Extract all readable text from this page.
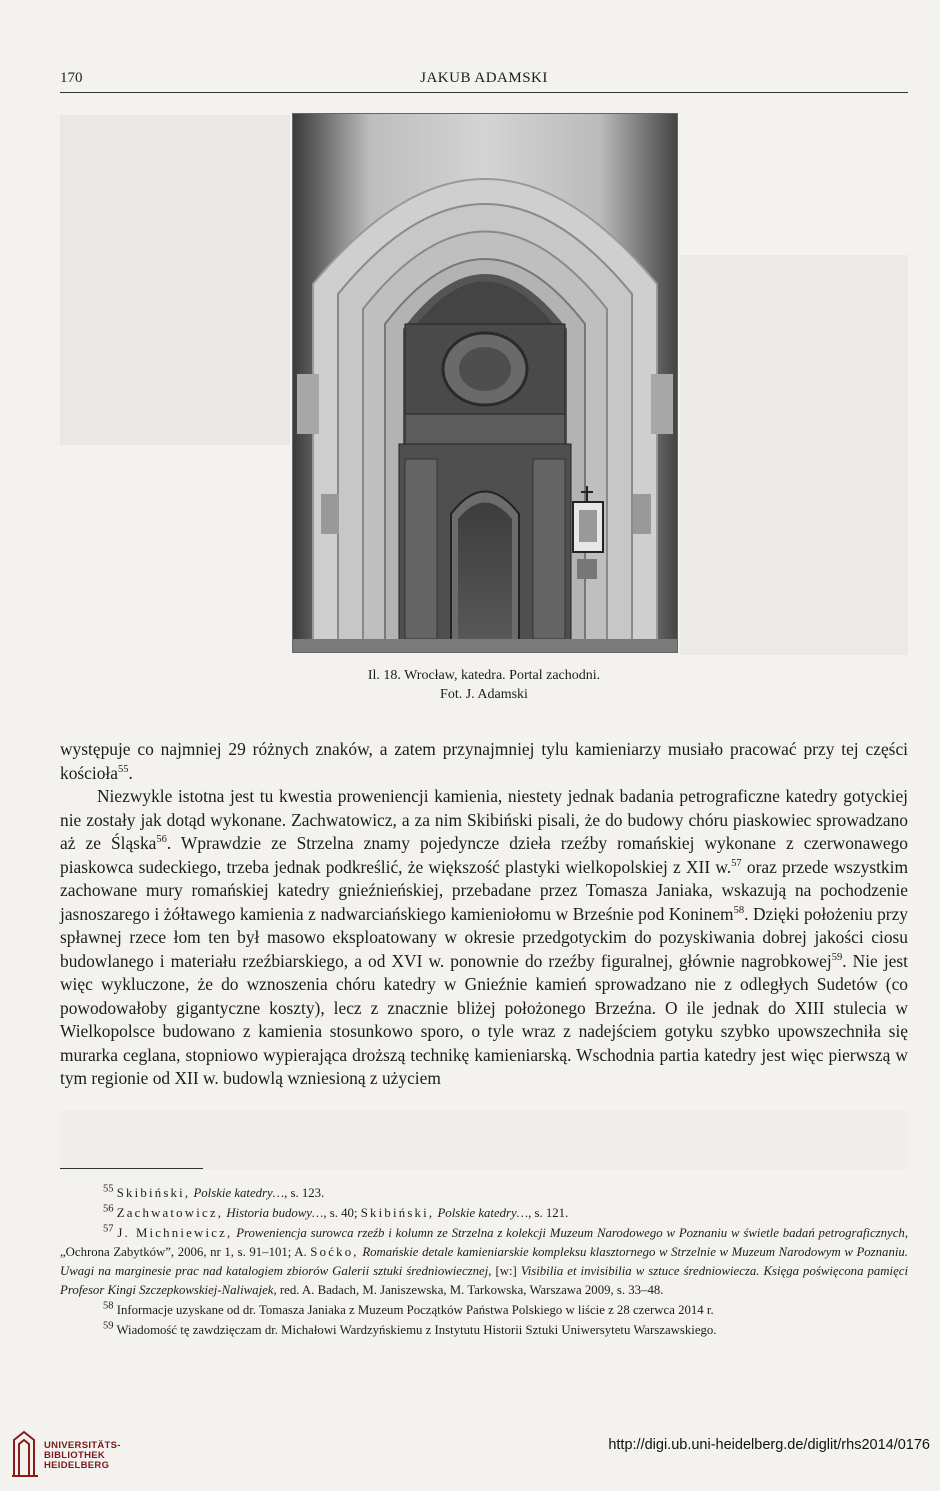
170	JAKUB ADAMSKI
Il. 18. Wrocław, katedra. Portal zachodni.
Fot. J. Adamski

występuje co najmniej 29 różnych znaków, a zatem przynajmniej tylu kamieniarzy musiało pracować przy tej części kościoła$^{55}$.

Niezwykle istotna jest tu kwestia proweniencji kamienia, niestety jednak badania petrograficzne katedry gotyckiej nie zostały jak dotąd wykonane. Zachwatowicz, a za nim Skibiński pisali, że do budowy chóru piaskowiec sprowadzano aż ze Śląska$^{56}$. Wprawdzie ze Strzelna znamy pojedyncze dzieła rzeźby romańskiej wykonane z czerwonawego piaskowca sudeckiego, trzeba jednak podkreślić, że większość plastyki wielkopolskiej z XII w.$^{57}$ oraz przede wszystkim zachowane mury romańskiej katedry gnieźnieńskiej, przebadane przez Tomasza Janiaka, wskazują na pochodzenie jasnoszarego i żółtawego kamienia z nadwarciańskiego kamieniołomu w Brześnie pod Koninem$^{58}$. Dzięki położeniu przy spławnej rzece łom ten był masowo eksploatowany w okresie przedgotyckim do pozyskiwania dobrej jakości ciosu budowlanego i materiału rzeźbiarskiego, a od XVI w. ponownie do rzeźby figuralnej, głównie nagrobkowej$^{59}$. Nie jest więc wykluczone, że do wznoszenia chóru katedry w Gnieźnie kamień sprowadzano nie z odległych Sudetów (co powodowałoby gigantyczne koszty), lecz z znacznie bliżej położonego Brzeźna. O ile jednak do XIII stulecia w Wielkopolsce budowano z kamienia stosunkowo sporo, o tyle wraz z nadejściem gotyku szybko upowszechniła się murarka ceglana, stopniowo wypierająca droższą technikę kamieniarską. Wschodnia partia katedry jest więc pierwszą w tym regionie od XII w. budowlą wzniesioną z użyciem

$^{55}$ Skibiński, Polskie katedry…, s. 123.

$^{56}$ Zachwatowicz, Historia budowy…, s. 40; Skibiński, Polskie katedry…, s. 121.

$^{57}$ J. Michniewicz, Proweniencja surowca rzeźb i kolumn ze Strzelna z kolekcji Muzeum Narodowego w Poznaniu w świetle badań petrograficznych, „Ochrona Zabytków”, 2006, nr 1, s. 91–101; A. Soćko, Romańskie detale kamieniarskie kompleksu klasztornego w Strzelnie w Muzeum Narodowym w Poznaniu. Uwagi na marginesie prac nad katalogiem zbiorów Galerii sztuki średniowiecznej, [w:] Visibilia et invisibilia w sztuce średniowiecza. Księga poświęcona pamięci Profesor Kingi Szczepkowskiej-Naliwajek, red. A. Badach, M. Janiszewska, M. Tarkowska, Warszawa 2009, s. 33–48.

$^{58}$ Informacje uzyskane od dr. Tomasza Janiaka z Muzeum Początków Państwa Polskiego w liście z 28 czerwca 2014 r.

$^{59}$ Wiadomość tę zawdzięczam dr. Michałowi Wardzyńskiemu z Instytutu Historii Sztuki Uniwersytetu Warszawskiego.

UNIVERSITÄTS-
BIBLIOTHEK
HEIDELBERG
http://digi.ub.uni-heidelberg.de/diglit/rhs2014/0176
